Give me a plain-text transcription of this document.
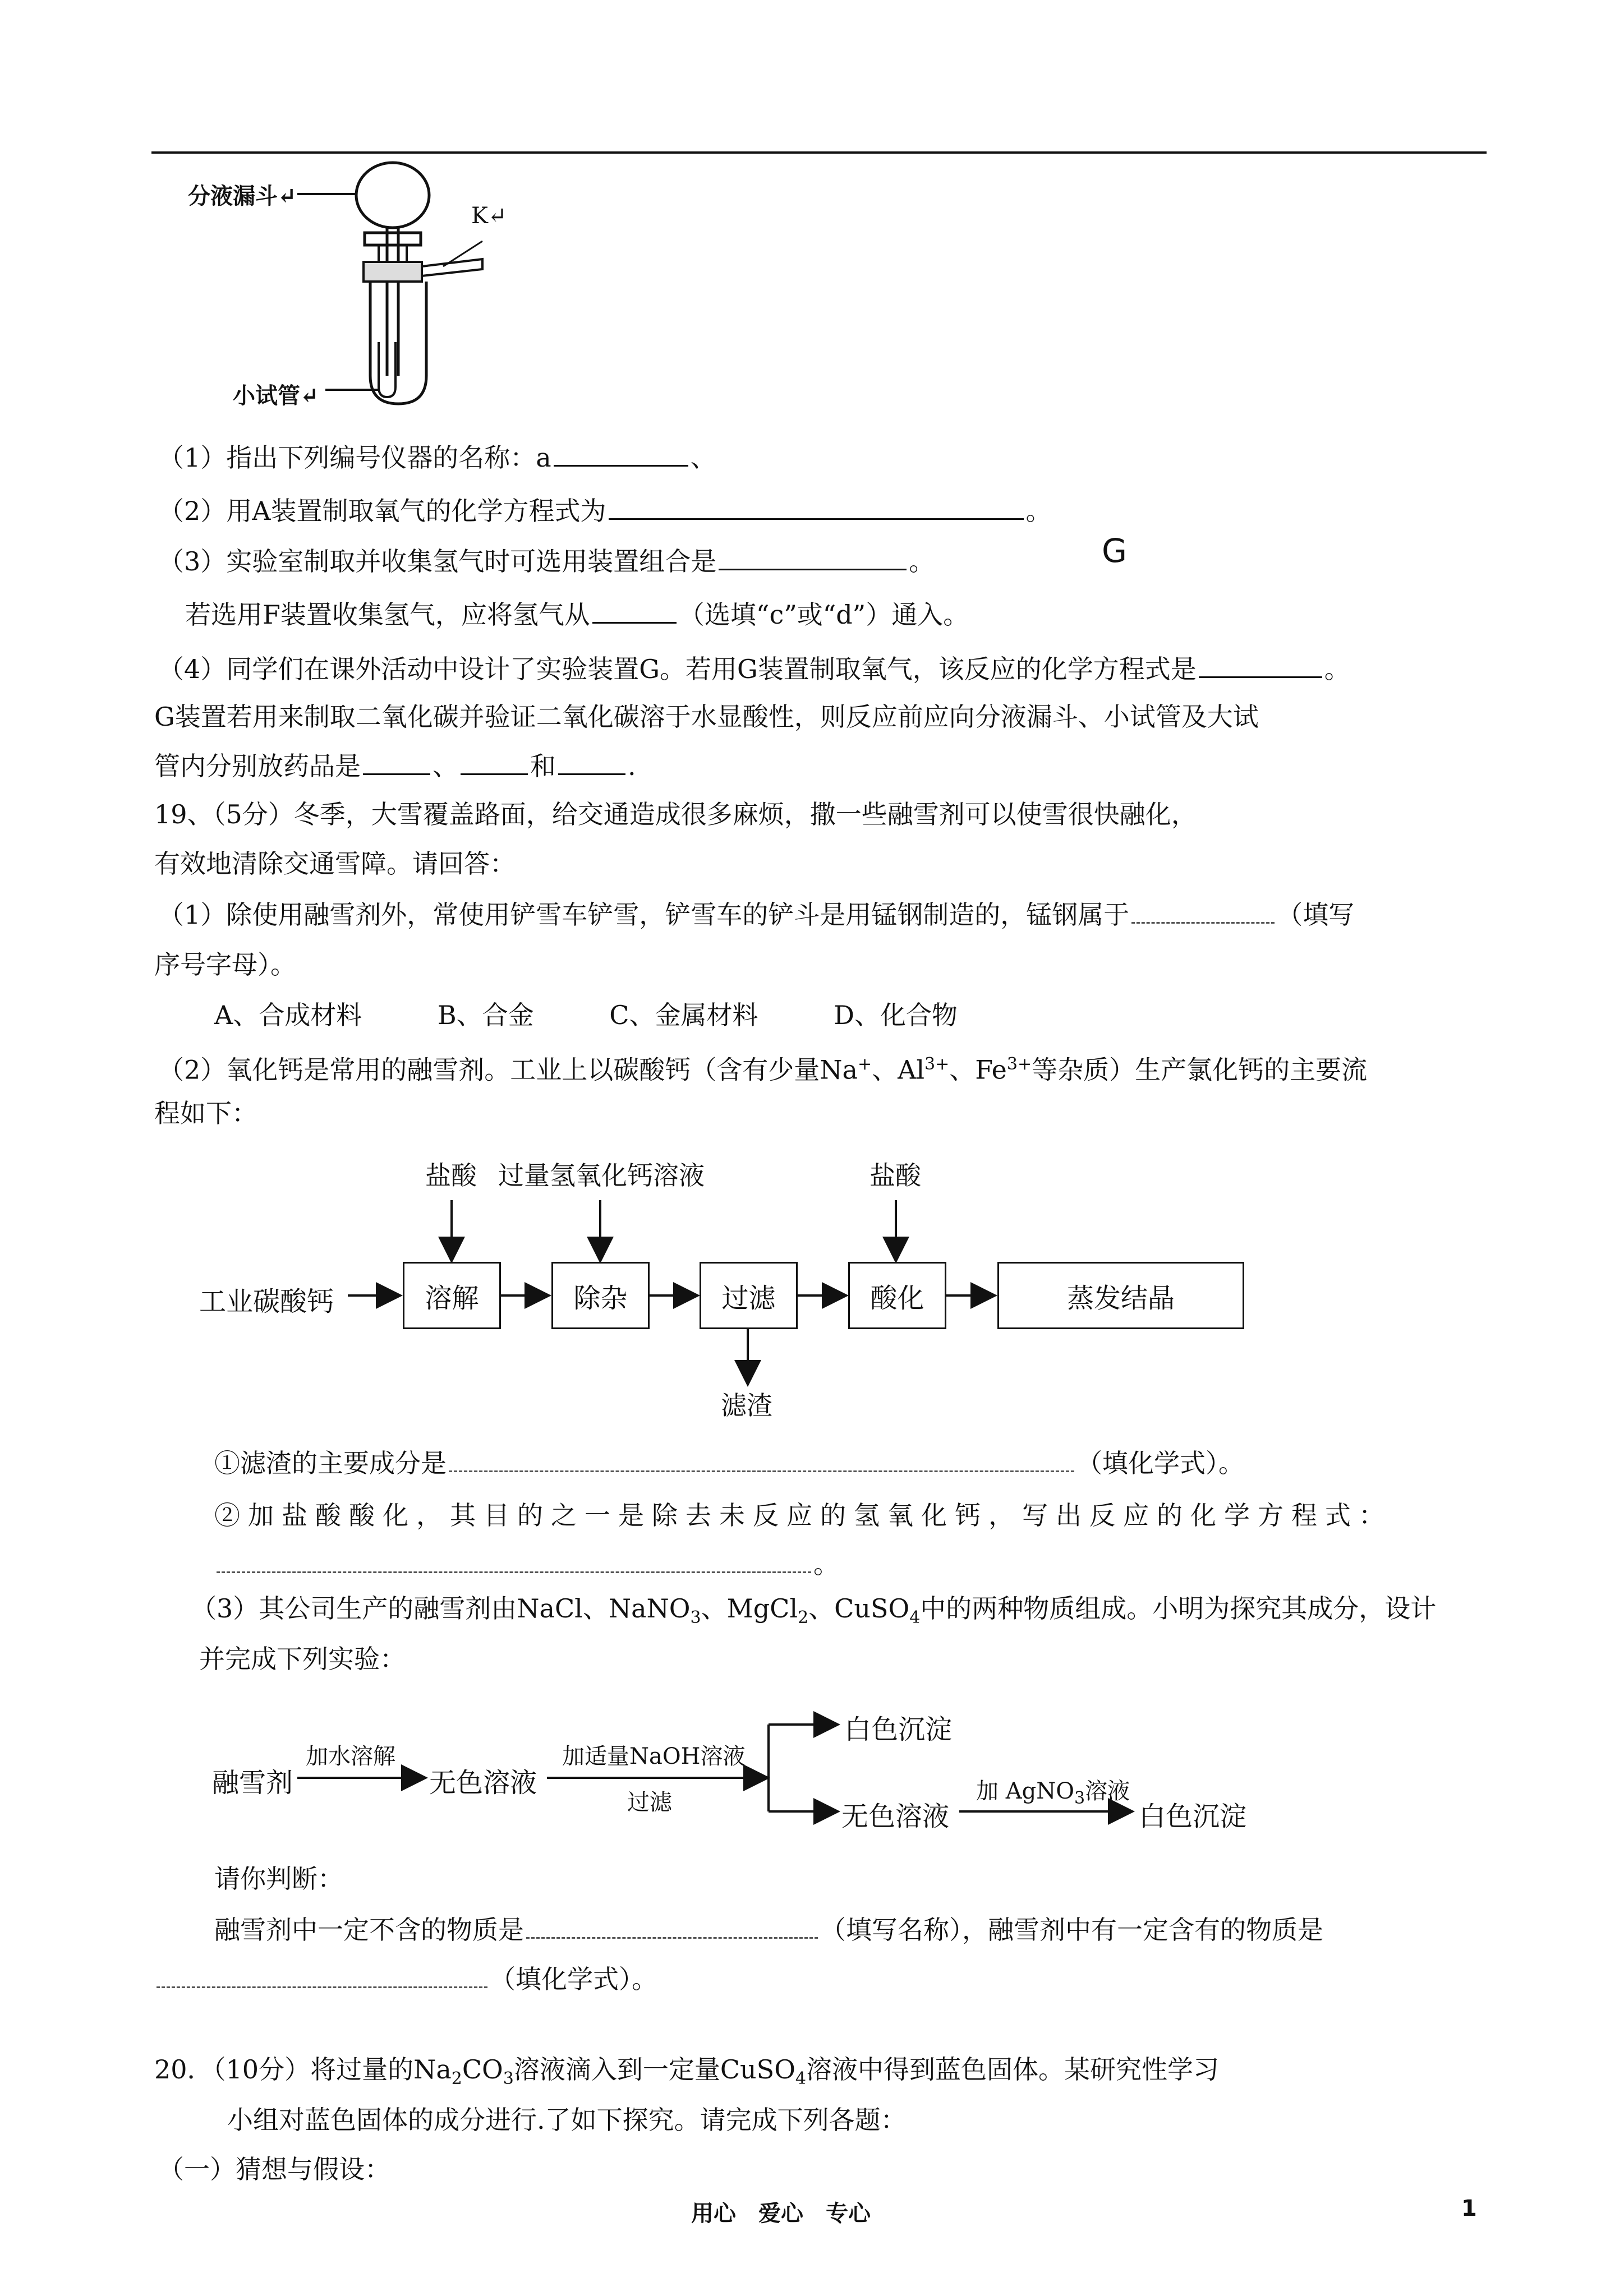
分液漏斗↵
K↵
小试管↵
（1）指出下列编号仪器的名称：a	、
（2）用A装置制取氧气的化学方程式为	。
（3）实验室制取并收集氢气时可选用装置组合是	。	G
若选用F装置收集氢气，应将氢气从	（选填“c”或“d”）通入。
（4）同学们在课外活动中设计了实验装置G。若用G装置制取氧气，该反应的化学方程式是	。
G装置若用来制取二氧化碳并验证二氧化碳溶于水显酸性，则反应前应向分液漏斗、小试管及大试
管内分别放药品是	、	和	.
19、（5分）冬季，大雪覆盖路面，给交通造成很多麻烦，撒一些融雪剂可以使雪很快融化，
有效地清除交通雪障。请回答：
（1）除使用融雪剂外，常使用铲雪车铲雪，铲雪车的铲斗是用锰钢制造的，锰钢属于	（填写
序号字母）。
A、合成材料	B、合金	C、金属材料	D、化合物
（2）氧化钙是常用的融雪剂。工业上以碳酸钙（含有少量Na+、$Al^{3+}$、$Fe^{3+}$等杂质）生产氯化钙的主要流
程如下：
盐酸 过量氢氧化钙溶液	盐酸
工业碳酸钙	溶解	除杂	过滤	酸化	蒸发结晶
滤渣
①滤渣的主要成分是	（填化学式）。
②加盐酸酸化，其目的之一是除去未反应的氢氧化钙，写出反应的化学方程式：
。
（3）其公司生产的融雪剂由NaCl、NaNO$_3$、MgCl$_2$、CuSO$_4$中的两种物质组成。小明为探究其成分，设计
并完成下列实验：
融雪剂
加水溶解
无色溶液
加适量NaOH溶液
过滤
白色沉淀
无色溶液
加 AgNO$_3$溶液
白色沉淀
请你判断：
融雪剂中一定不含的物质是	（填写名称），融雪剂中有一定含有的物质是
（填化学式）。
20．（10分）将过量的$Na_2CO_3$溶液滴入到一定量CuSO$_4$溶液中得到蓝色固体。某研究性学习
小组对蓝色固体的成分进行.了如下探究。请完成下列各题：
（一）猜想与假设：
用心　爱心　专心	1
